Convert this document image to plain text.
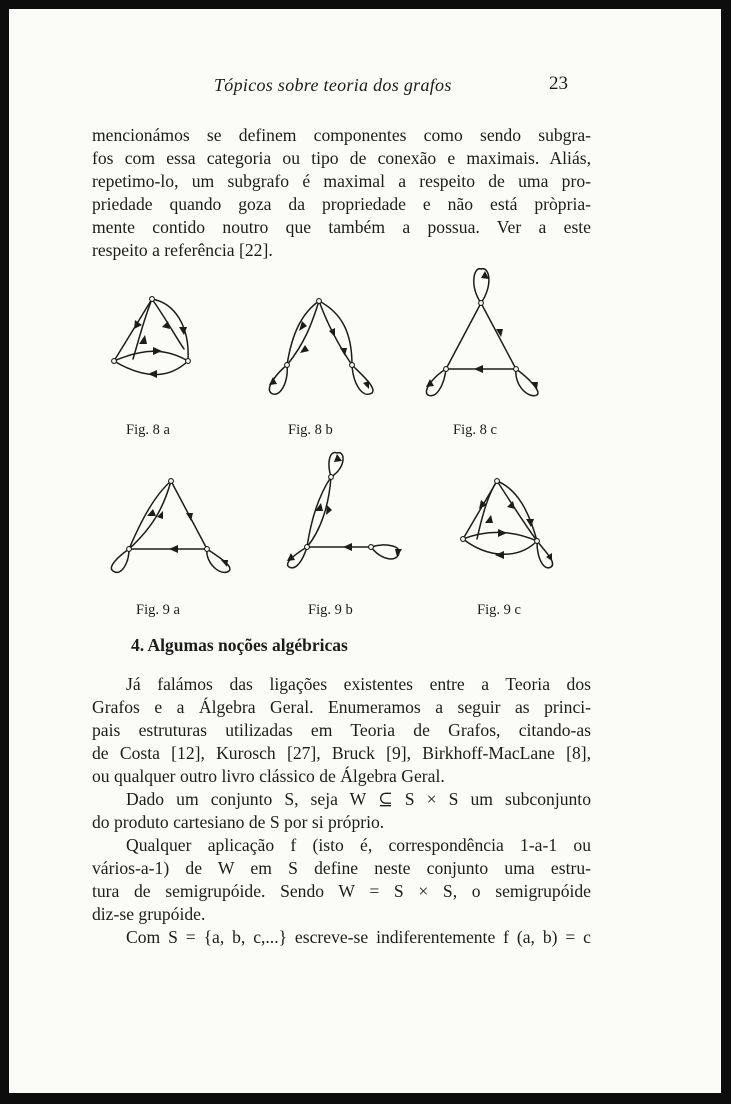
Tópicos sobre teoria dos grafos	23

mencionámos se definem componentes como sendo subgra-
fos com essa categoria ou tipo de conexão e maximais. Aliás,
repetimo-lo, um subgrafo é maximal a respeito de uma pro-
priedade quando goza da propriedade e não está pròpria-
mente contido noutro que também a possua. Ver a este
respeito a referência [22].

Fig. 8 a	Fig. 8 b	Fig. 8 c

Fig. 9 a	Fig. 9 b	Fig. 9 c

4. Algumas noções algébricas

Já falámos das ligações existentes entre a Teoria dos
Grafos e a Álgebra Geral. Enumeramos a seguir as princi-
pais estruturas utilizadas em Teoria de Grafos, citando-as
de Costa [12], Kurosch [27], Bruck [9], Birkhoff-MacLane [8],
ou qualquer outro livro clássico de Álgebra Geral.
Dado um conjunto S, seja W ⊆ S × S um subconjunto
do produto cartesiano de S por si próprio.
Qualquer aplicação f (isto é, correspondência 1-a-1 ou
vários-a-1) de W em S define neste conjunto uma estru-
tura de semigrupóide. Sendo W = S × S, o semigrupóide
diz-se grupóide.
Com S = {a, b, c,...} escreve-se indiferentemente f (a, b) = c
